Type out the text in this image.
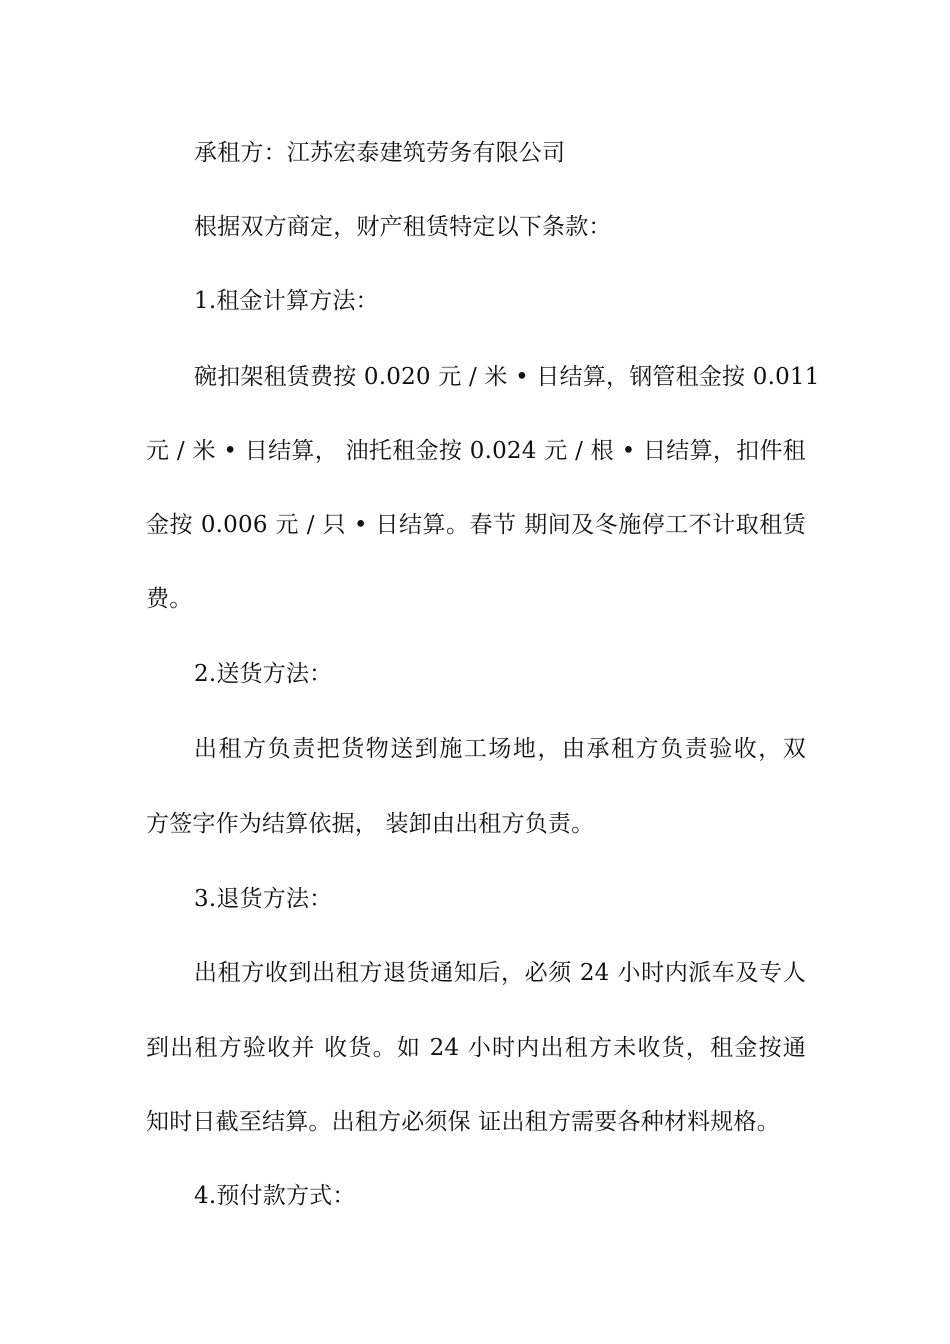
承租方：江苏宏泰建筑劳务有限公司
根据双方商定，财产租赁特定以下条款：
1.租金计算方法：
碗扣架租赁费按 0.020 元 / 米 • 日结算，钢管租金按 0.011
元 / 米 • 日结算， 油托租金按 0.024 元 / 根 • 日结算，扣件租
金按 0.006 元 / 只 • 日结算。春节 期间及冬施停工不计取租赁
费。
2.送货方法：
出租方负责把货物送到施工场地，由承租方负责验收，双
方签字作为结算依据， 装卸由出租方负责。
3.退货方法：
出租方收到出租方退货通知后，必须 24 小时内派车及专人
到出租方验收并 收货。如 24 小时内出租方未收货，租金按通
知时日截至结算。出租方必须保 证出租方需要各种材料规格。
4.预付款方式：
